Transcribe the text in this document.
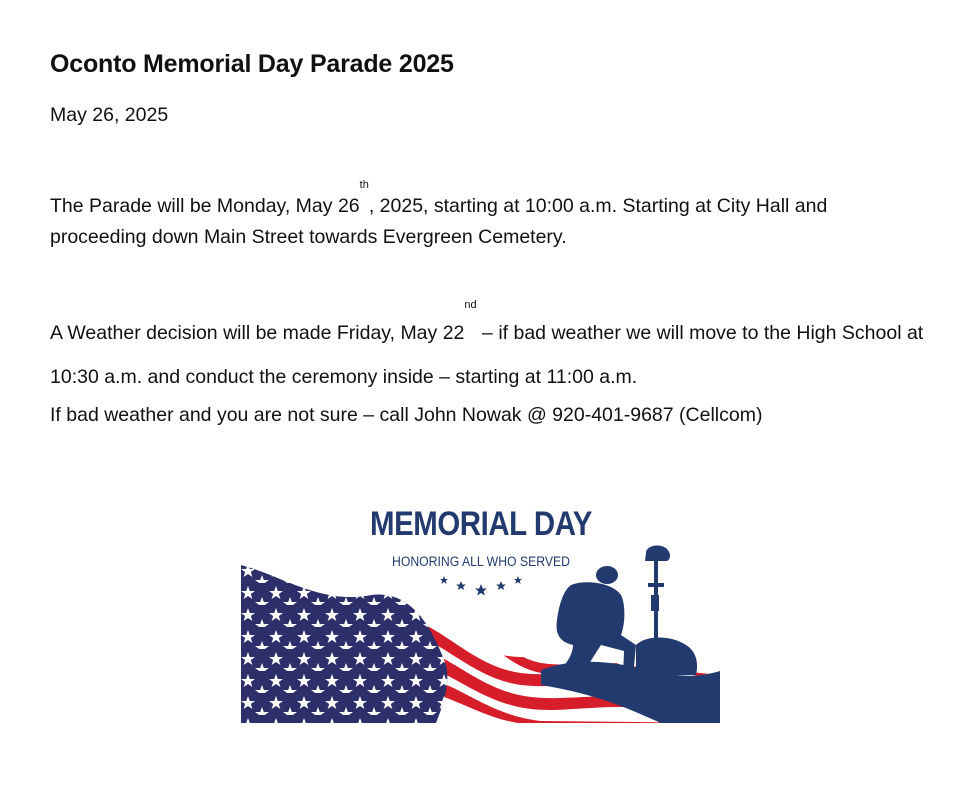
Oconto Memorial Day Parade 2025
May 26, 2025

The Parade will be Monday, May 26th, 2025, starting at 10:00 a.m. Starting at City Hall and proceeding down Main Street towards Evergreen Cemetery.

A Weather decision will be made Friday, May 22nd – if bad weather we will move to the High School at 10:30 a.m. and conduct the ceremony inside – starting at 11:00 a.m.

If bad weather and you are not sure – call John Nowak @ 920-401-9687 (Cellcom)

MEMORIAL DAY
HONORING ALL WHO SERVED
